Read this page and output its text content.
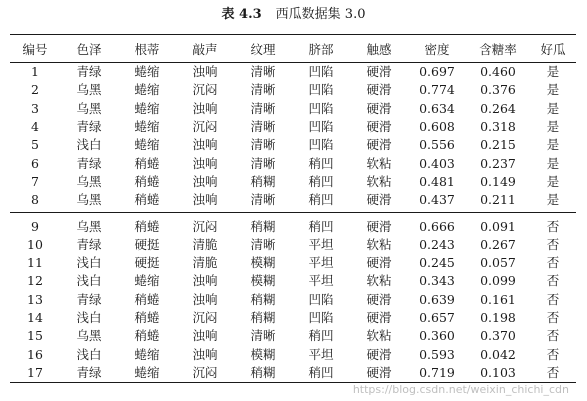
表 4.3 西瓜数据集 3.0
编号	色泽	根蒂	敲声	纹理	脐部	触感	密度	含糖率	好瓜
1	青绿	蜷缩	浊响	清晰	凹陷	硬滑	0.697	0.460	是
2	乌黑	蜷缩	沉闷	清晰	凹陷	硬滑	0.774	0.376	是
3	乌黑	蜷缩	浊响	清晰	凹陷	硬滑	0.634	0.264	是
4	青绿	蜷缩	沉闷	清晰	凹陷	硬滑	0.608	0.318	是
5	浅白	蜷缩	浊响	清晰	凹陷	硬滑	0.556	0.215	是
6	青绿	稍蜷	浊响	清晰	稍凹	软粘	0.403	0.237	是
7	乌黑	稍蜷	浊响	稍糊	稍凹	软粘	0.481	0.149	是
8	乌黑	稍蜷	浊响	清晰	稍凹	硬滑	0.437	0.211	是
9	乌黑	稍蜷	沉闷	稍糊	稍凹	硬滑	0.666	0.091	否
10	青绿	硬挺	清脆	清晰	平坦	软粘	0.243	0.267	否
11	浅白	硬挺	清脆	模糊	平坦	硬滑	0.245	0.057	否
12	浅白	蜷缩	浊响	模糊	平坦	软粘	0.343	0.099	否
13	青绿	稍蜷	浊响	稍糊	凹陷	硬滑	0.639	0.161	否
14	浅白	稍蜷	沉闷	稍糊	凹陷	硬滑	0.657	0.198	否
15	乌黑	稍蜷	浊响	清晰	稍凹	软粘	0.360	0.370	否
16	浅白	蜷缩	浊响	模糊	平坦	硬滑	0.593	0.042	否
17	青绿	蜷缩	沉闷	稍糊	稍凹	硬滑	0.719	0.103	否
https://blog.csdn.net/weixin_chichi_cdn
